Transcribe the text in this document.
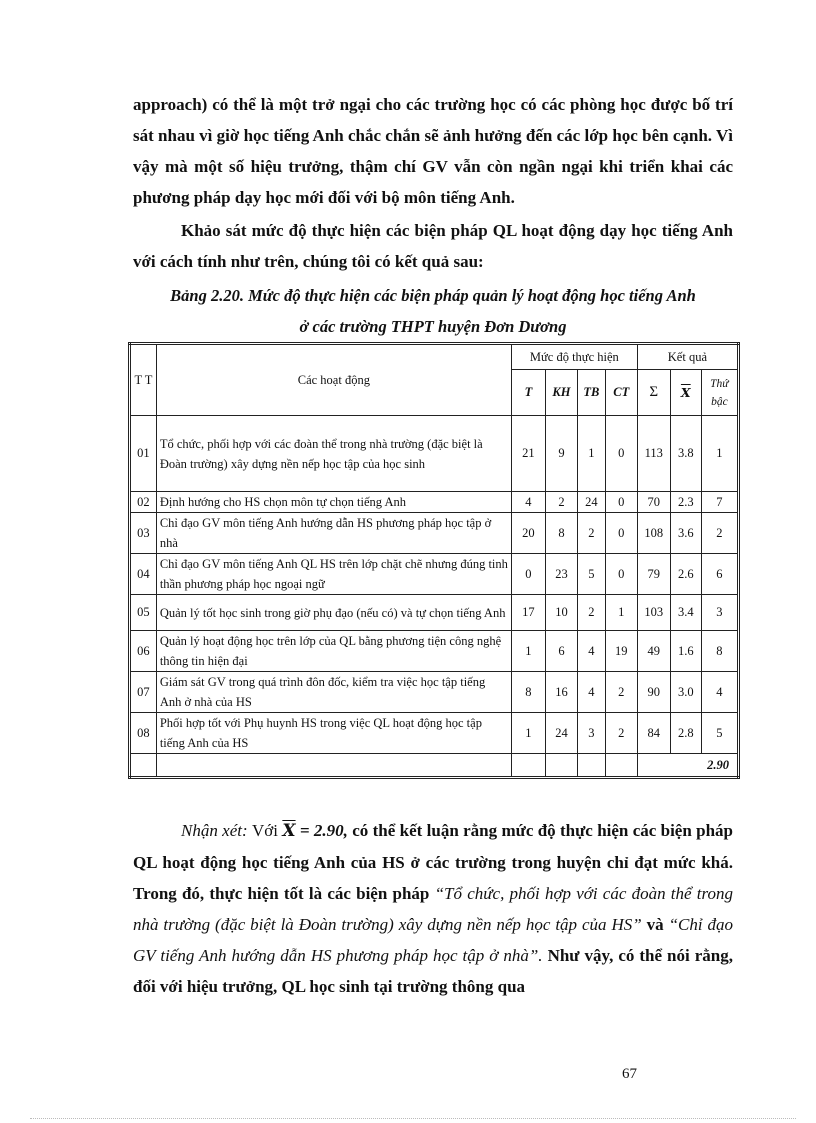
approach) có thể là một trở ngại cho các trường học có các phòng học được bố trí sát nhau vì giờ học tiếng Anh chắc chắn sẽ ảnh hưởng đến các lớp học bên cạnh. Vì vậy mà một số hiệu trưởng, thậm chí GV vẫn còn ngần ngại khi triển khai các phương pháp dạy học mới đối với bộ môn tiếng Anh.
Khảo sát mức độ thực hiện các biện pháp QL hoạt động dạy học tiếng Anh với cách tính như trên, chúng tôi có kết quả sau:
Bảng 2.20. Mức độ thực hiện các biện pháp quản lý hoạt động học tiếng Anh
ở các trường THPT huyện Đơn Dương
T T	Các hoạt động	Mức độ thực hiện				Kết quả		
		T	KH	TB	CT	Σ	$\overline{X}$	Thứ bậc
01	Tổ chức, phối hợp với các đoàn thể trong nhà trường (đặc biệt là Đoàn trường) xây dựng nền nếp học tập của học sinh	21	9	1	0	113	3.8	1
02	Định hướng cho HS chọn môn tự chọn tiếng Anh	4	2	24	0	70	2.3	7
03	Chỉ đạo GV môn tiếng Anh hướng dẫn HS phương pháp học tập ở nhà	20	8	2	0	108	3.6	2
04	Chỉ đạo GV môn tiếng Anh QL HS trên lớp chặt chẽ nhưng đúng tinh thần phương pháp học ngoại ngữ	0	23	5	0	79	2.6	6
05	Quản lý tốt học sinh trong giờ phụ đạo (nếu có) và tự chọn tiếng Anh	17	10	2	1	103	3.4	3
06	Quản lý hoạt động học trên lớp của QL bằng phương tiện công nghệ thông tin hiện đại	1	6	4	19	49	1.6	8
07	Giám sát GV trong quá trình đôn đốc, kiểm tra việc học tập tiếng Anh ở nhà của HS	8	16	4	2	90	3.0	4
08	Phối hợp tốt với Phụ huynh HS trong việc QL hoạt động học tập tiếng Anh của HS	1	24	3	2	84	2.8	5
						2.90		
Nhận xét: Với $\overline{X} = 2.90$, có thể kết luận rằng mức độ thực hiện các biện pháp QL hoạt động học tiếng Anh của HS ở các trường trong huyện chỉ đạt mức khá. Trong đó, thực hiện tốt là các biện pháp “Tổ chức, phối hợp với các đoàn thể trong nhà trường (đặc biệt là Đoàn trường) xây dựng nền nếp học tập của HS” và “Chỉ đạo GV tiếng Anh hướng dẫn HS phương pháp học tập ở nhà”. Như vậy, có thể nói rằng, đối với hiệu trưởng, QL học sinh tại trường thông qua
67
